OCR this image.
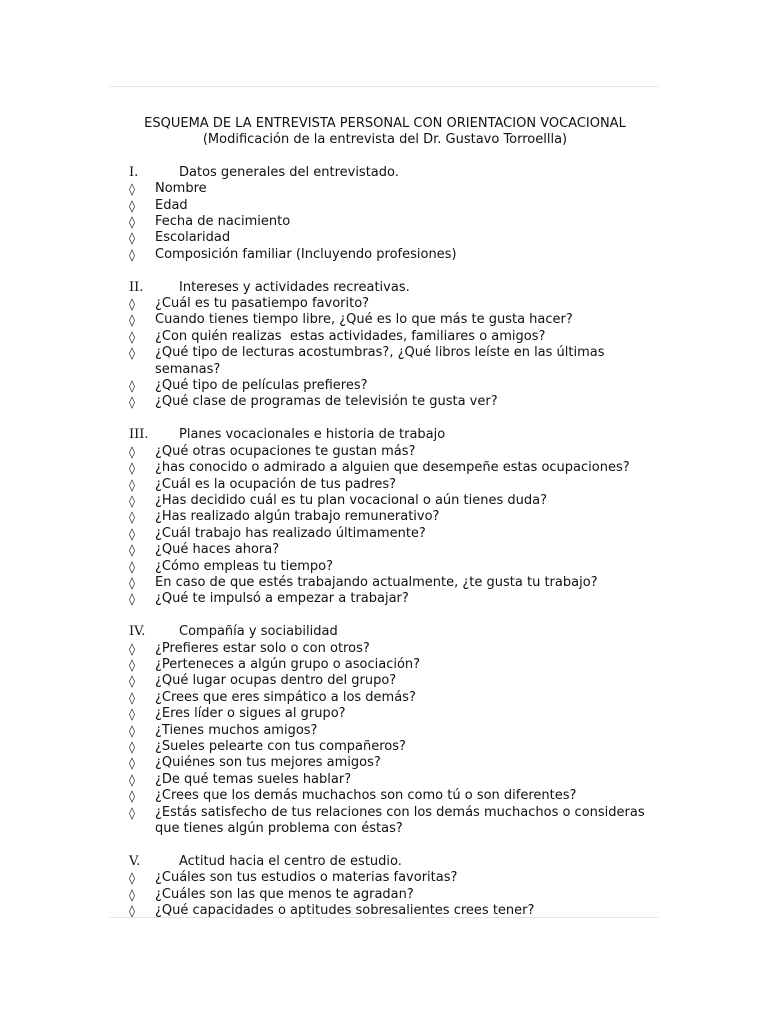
ESQUEMA DE LA ENTREVISTA PERSONAL CON ORIENTACION VOCACIONAL
(Modificación de la entrevista del Dr. Gustavo Torroellla)
I.	Datos generales del entrevistado.
◊	Nombre
◊	Edad
◊	Fecha de nacimiento
◊	Escolaridad
◊	Composición familiar (Incluyendo profesiones)
II.	Intereses y actividades recreativas.
◊	¿Cuál es tu pasatiempo favorito?
◊	Cuando tienes tiempo libre, ¿Qué es lo que más te gusta hacer?
◊	¿Con quién realizas  estas actividades, familiares o amigos?
◊	¿Qué tipo de lecturas acostumbras?, ¿Qué libros leíste en las últimas semanas?
◊	¿Qué tipo de películas prefieres?
◊	¿Qué clase de programas de televisión te gusta ver?
III.	Planes vocacionales e historia de trabajo
◊	¿Qué otras ocupaciones te gustan más?
◊	¿has conocido o admirado a alguien que desempeñe estas ocupaciones?
◊	¿Cuál es la ocupación de tus padres?
◊	¿Has decidido cuál es tu plan vocacional o aún tienes duda?
◊	¿Has realizado algún trabajo remunerativo?
◊	¿Cuál trabajo has realizado últimamente?
◊	¿Qué haces ahora?
◊	¿Cómo empleas tu tiempo?
◊	En caso de que estés trabajando actualmente, ¿te gusta tu trabajo?
◊	¿Qué te impulsó a empezar a trabajar?
IV.	Compañía y sociabilidad
◊	¿Prefieres estar solo o con otros?
◊	¿Perteneces a algún grupo o asociación?
◊	¿Qué lugar ocupas dentro del grupo?
◊	¿Crees que eres simpático a los demás?
◊	¿Eres líder o sigues al grupo?
◊	¿Tienes muchos amigos?
◊	¿Sueles pelearte con tus compañeros?
◊	¿Quiénes son tus mejores amigos?
◊	¿De qué temas sueles hablar?
◊	¿Crees que los demás muchachos son como tú o son diferentes?
◊	¿Estás satisfecho de tus relaciones con los demás muchachos o consideras que tienes algún problema con éstas?
V.	Actitud hacia el centro de estudio.
◊	¿Cuáles son tus estudios o materias favoritas?
◊	¿Cuáles son las que menos te agradan?
◊	¿Qué capacidades o aptitudes sobresalientes crees tener?
